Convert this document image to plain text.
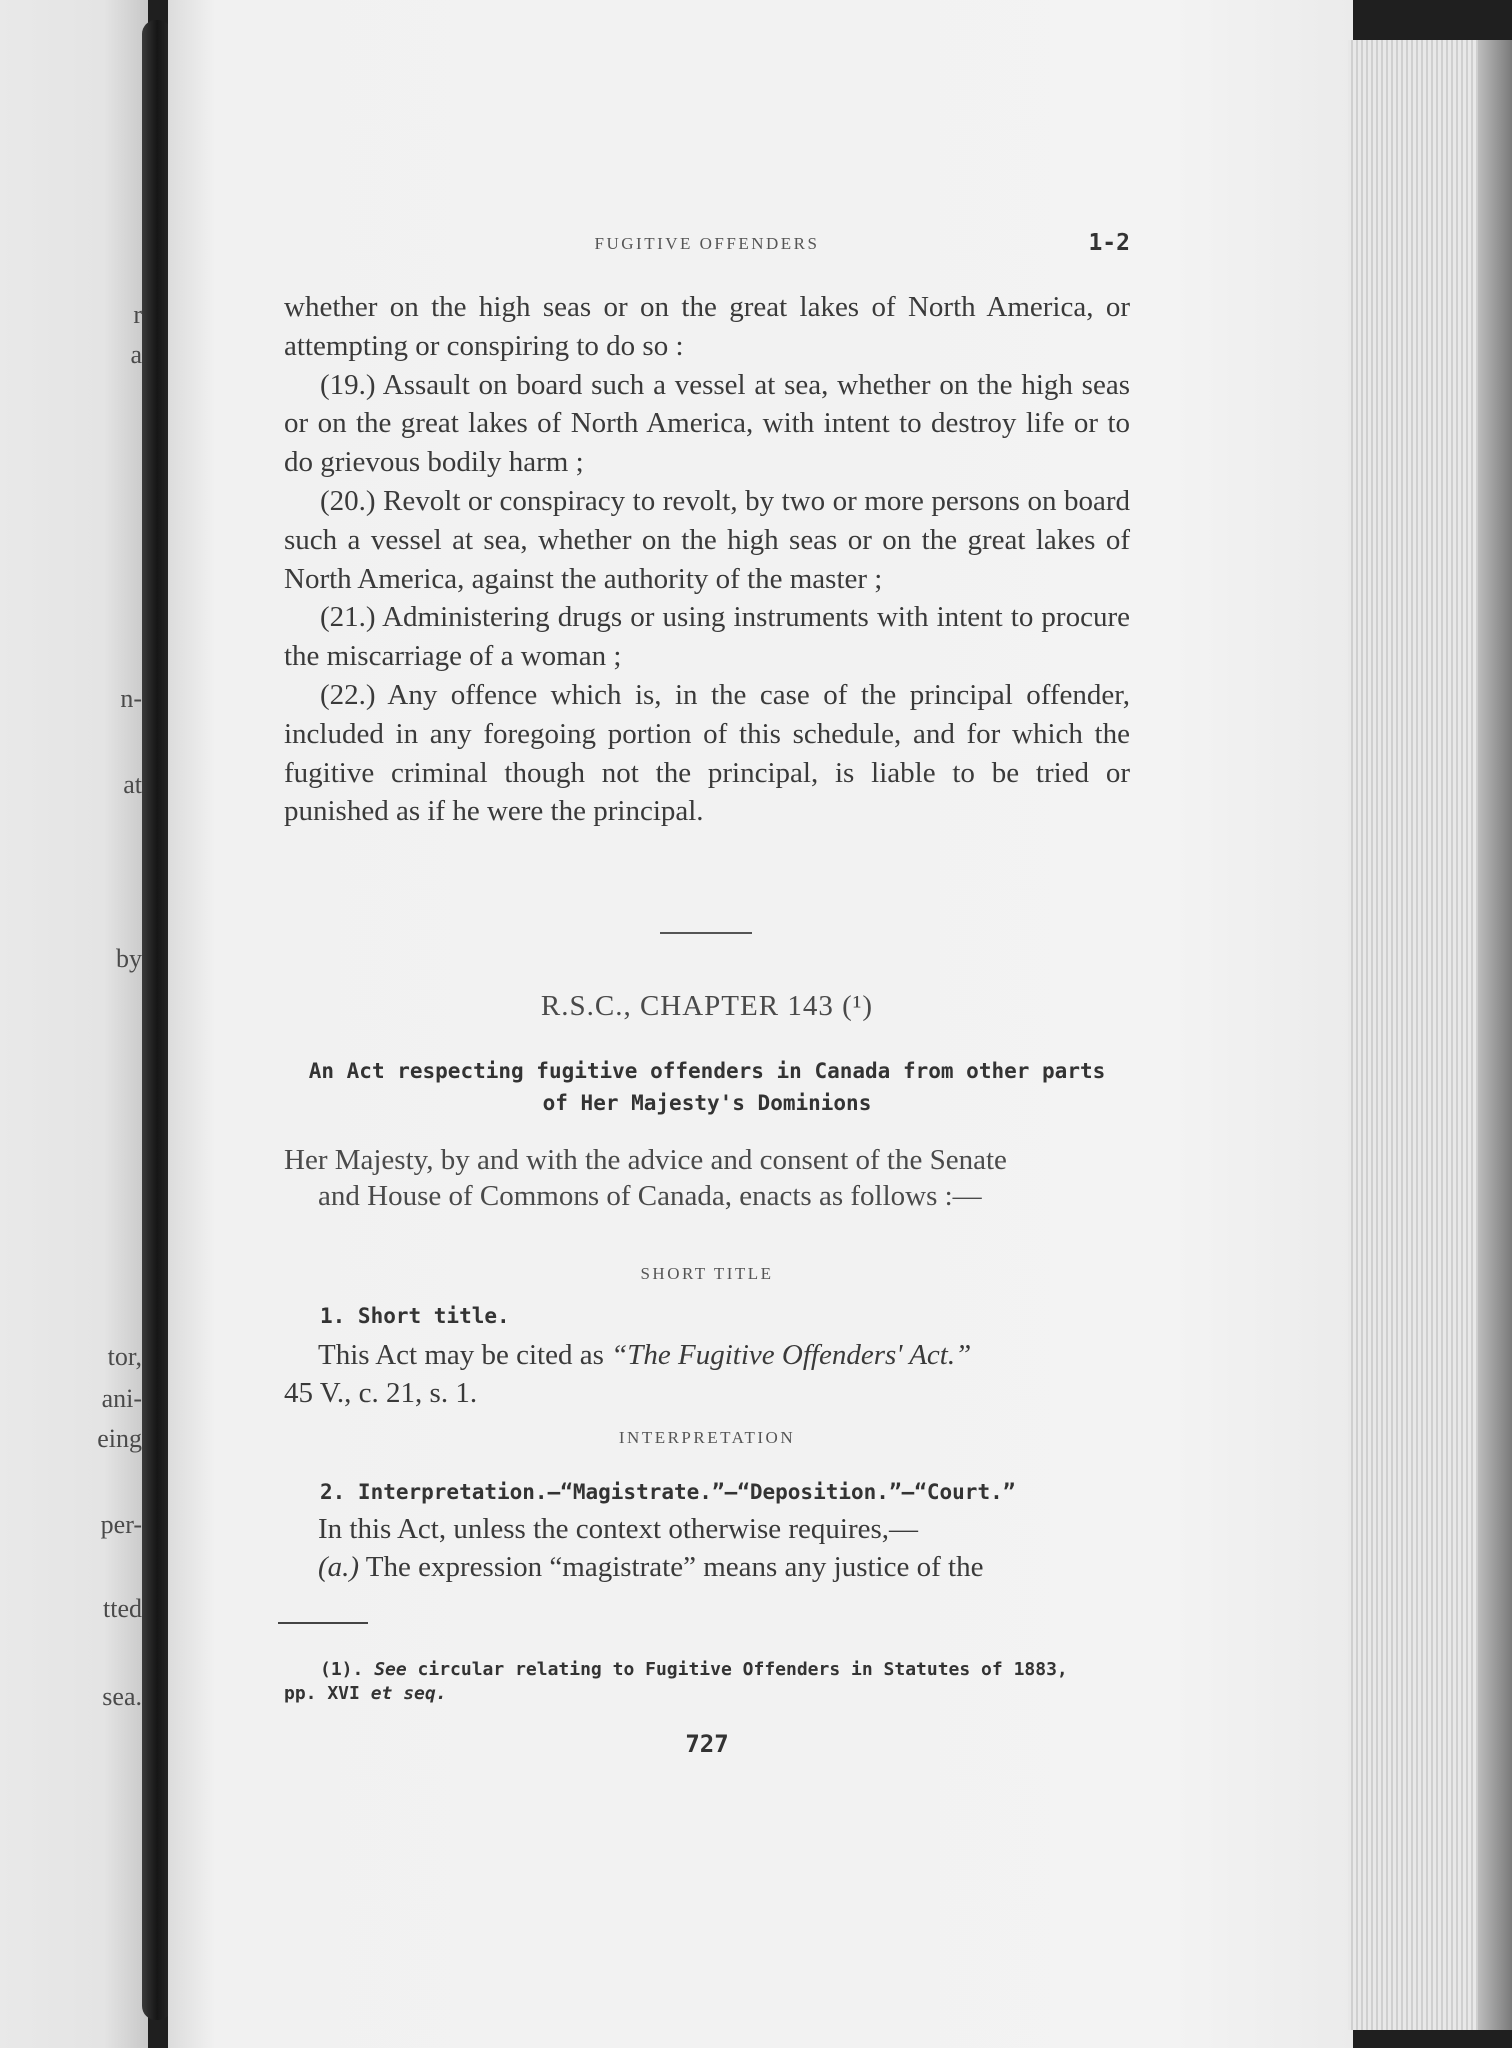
r
a
n-
at
by
tor,
ani-
eing
per-
tted
sea.
FUGITIVE OFFENDERS	1-2

whether on the high seas or on the great lakes of North America, or attempting or conspiring to do so :

(19.) Assault on board such a vessel at sea, whether on the high seas or on the great lakes of North America, with intent to destroy life or to do grievous bodily harm ;

(20.) Revolt or conspiracy to revolt, by two or more persons on board such a vessel at sea, whether on the high seas or on the great lakes of North America, against the authority of the master ;

(21.) Administering drugs or using instruments with intent to procure the miscarriage of a woman ;

(22.) Any offence which is, in the case of the principal offender, included in any foregoing portion of this schedule, and for which the fugitive criminal though not the principal, is liable to be tried or punished as if he were the principal.

R.S.C., CHAPTER 143 (¹)
An Act respecting fugitive offenders in Canada from other parts
of Her Majesty's Dominions
Her Majesty, by and with the advice and consent of the Senate
and House of Commons of Canada, enacts as follows :—
SHORT TITLE
1. Short title.
This Act may be cited as “The Fugitive Offenders' Act.”
45 V., c. 21, s. 1.
INTERPRETATION
2. Interpretation.—“Magistrate.”—“Deposition.”—“Court.”
In this Act, unless the context otherwise requires,—
(a.) The expression “magistrate” means any justice of the
(1). See circular relating to Fugitive Offenders in Statutes of 1883,
pp. XVI et seq.
727
